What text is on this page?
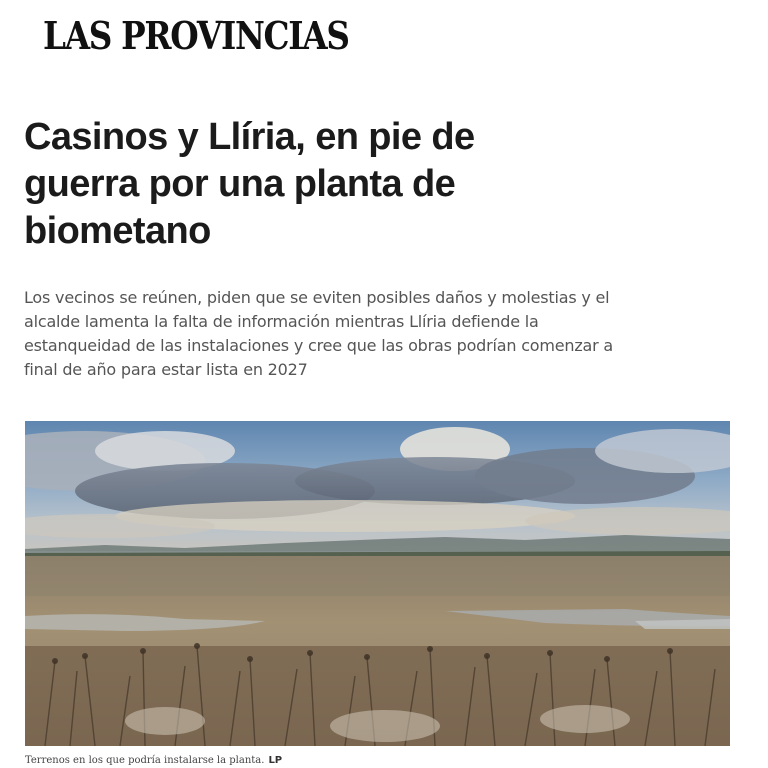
LAS PROVINCIAS
Casinos y Llíria, en pie de guerra por una planta de biometano

Los vecinos se reúnen, piden que se eviten posibles daños y molestias y el alcalde lamenta la falta de información mientras Llíria defiende la estanqueidad de las instalaciones y cree que las obras podrían comenzar a final de año para estar lista en 2027

Terrenos en los que podría instalarse la planta. LP
